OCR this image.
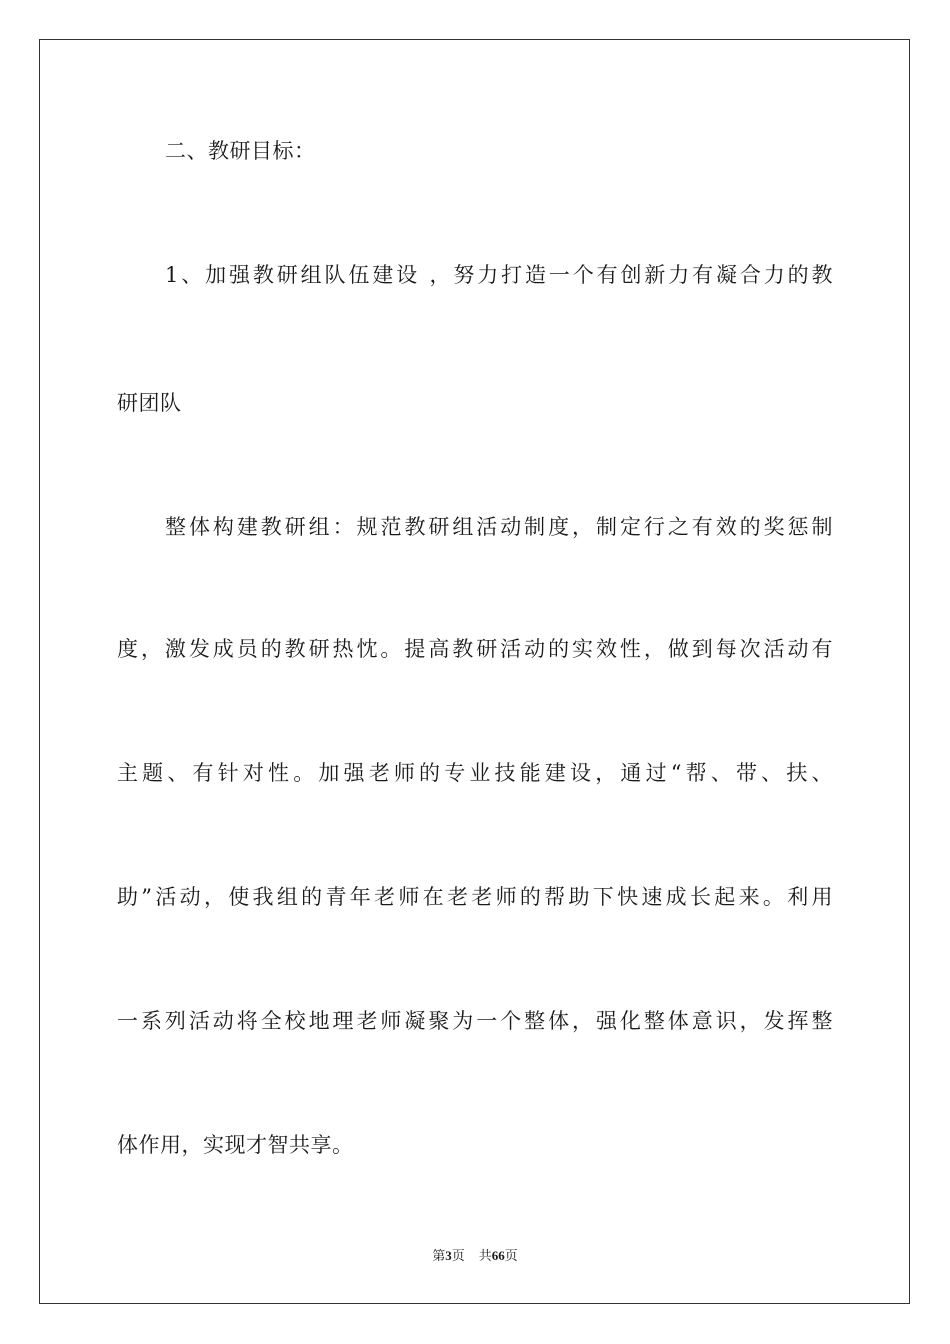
二、教研目标：
1、加强教研组队伍建设 ，努力打造一个有创新力有凝合力的教
研团队
整体构建教研组：规范教研组活动制度，制定行之有效的奖惩制
度，激发成员的教研热忱。提高教研活动的实效性，做到每次活动有
主题、有针对性。加强老师的专业技能建设，通过“帮、带、扶、
助”活动，使我组的青年老师在老老师的帮助下快速成长起来。利用
一系列活动将全校地理老师凝聚为一个整体，强化整体意识，发挥整
体作用，实现才智共享。
第3页 共66页
